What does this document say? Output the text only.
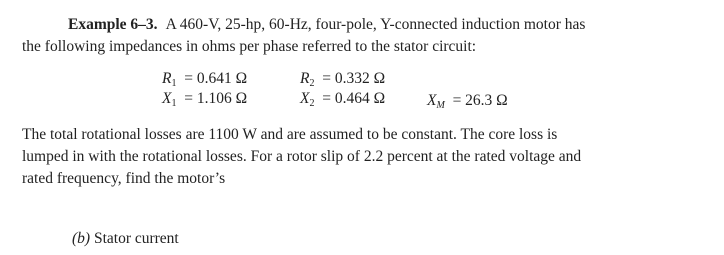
Example 6–3. A 460-V, 25-hp, 60-Hz, four-pole, Y-connected induction motor has
the following impedances in ohms per phase referred to the stator circuit:
$R_1 = 0.641$ Ω
$X_1 = 1.106$ Ω
$R_2 = 0.332$ Ω
$X_2 = 0.464$ Ω	$X_M = 26.3$ Ω
The total rotational losses are 1100 W and are assumed to be constant. The core loss is
lumped in with the rotational losses. For a rotor slip of 2.2 percent at the rated voltage and
rated frequency, find the motor’s
(b) Stator current
